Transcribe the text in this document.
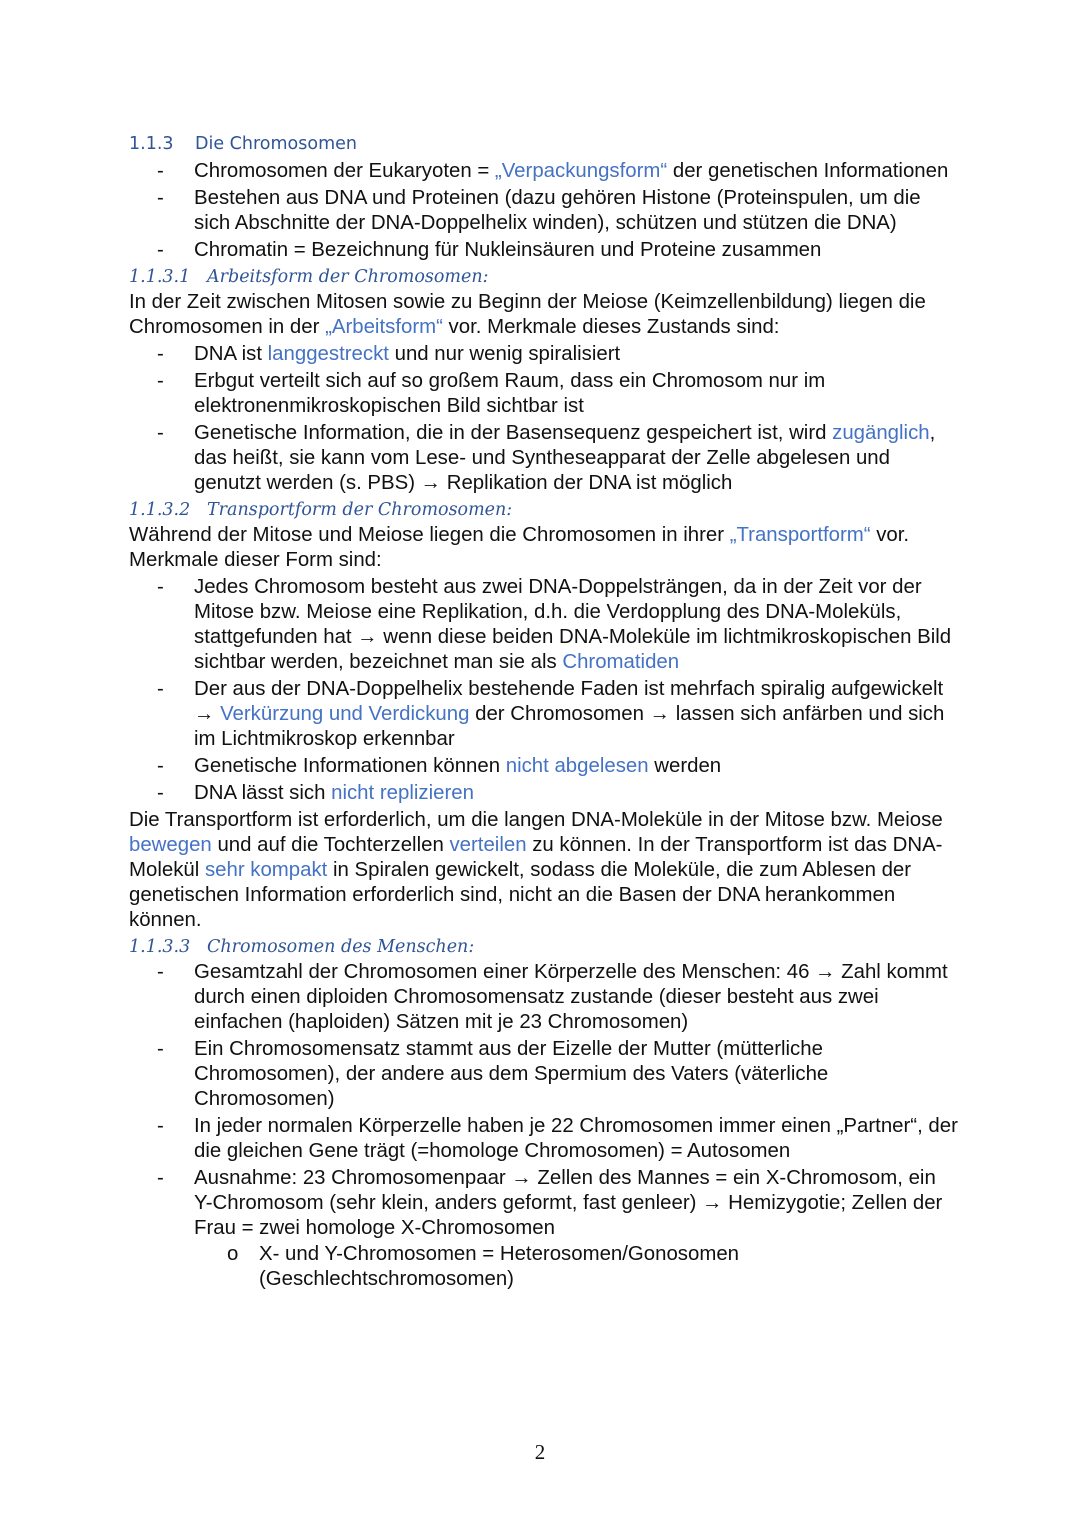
1.1.3 Die Chromosomen
- Chromosomen der Eukaryoten = „Verpackungsform“ der genetischen Informationen
- Bestehen aus DNA und Proteinen (dazu gehören Histone (Proteinspulen, um die sich Abschnitte der DNA-Doppelhelix winden), schützen und stützen die DNA)
- Chromatin = Bezeichnung für Nukleinsäuren und Proteine zusammen
1.1.3.1 Arbeitsform der Chromosomen:
In der Zeit zwischen Mitosen sowie zu Beginn der Meiose (Keimzellenbildung) liegen die Chromosomen in der „Arbeitsform“ vor. Merkmale dieses Zustands sind:
- DNA ist langgestreckt und nur wenig spiralisiert
- Erbgut verteilt sich auf so großem Raum, dass ein Chromosom nur im elektronenmikroskopischen Bild sichtbar ist
- Genetische Information, die in der Basensequenz gespeichert ist, wird zugänglich, das heißt, sie kann vom Lese- und Syntheseapparat der Zelle abgelesen und genutzt werden (s. PBS) → Replikation der DNA ist möglich
1.1.3.2 Transportform der Chromosomen:
Während der Mitose und Meiose liegen die Chromosomen in ihrer „Transportform“ vor. Merkmale dieser Form sind:
- Jedes Chromosom besteht aus zwei DNA-Doppelsträngen, da in der Zeit vor der Mitose bzw. Meiose eine Replikation, d.h. die Verdopplung des DNA-Moleküls, stattgefunden hat → wenn diese beiden DNA-Moleküle im lichtmikroskopischen Bild sichtbar werden, bezeichnet man sie als Chromatiden
- Der aus der DNA-Doppelhelix bestehende Faden ist mehrfach spiralig aufgewickelt → Verkürzung und Verdickung der Chromosomen → lassen sich anfärben und sich im Lichtmikroskop erkennbar
- Genetische Informationen können nicht abgelesen werden
- DNA lässt sich nicht replizieren
Die Transportform ist erforderlich, um die langen DNA-Moleküle in der Mitose bzw. Meiose bewegen und auf die Tochterzellen verteilen zu können. In der Transportform ist das DNA-Molekül sehr kompakt in Spiralen gewickelt, sodass die Moleküle, die zum Ablesen der genetischen Information erforderlich sind, nicht an die Basen der DNA herankommen können.
1.1.3.3 Chromosomen des Menschen:
- Gesamtzahl der Chromosomen einer Körperzelle des Menschen: 46 → Zahl kommt durch einen diploiden Chromosomensatz zustande (dieser besteht aus zwei einfachen (haploiden) Sätzen mit je 23 Chromosomen)
- Ein Chromosomensatz stammt aus der Eizelle der Mutter (mütterliche Chromosomen), der andere aus dem Spermium des Vaters (väterliche Chromosomen)
- In jeder normalen Körperzelle haben je 22 Chromosomen immer einen „Partner“, der die gleichen Gene trägt (=homologe Chromosomen) = Autosomen
- Ausnahme: 23 Chromosomenpaar → Zellen des Mannes = ein X-Chromosom, ein Y-Chromosom (sehr klein, anders geformt, fast genleer) → Hemizygotie; Zellen der Frau = zwei homologe X-Chromosomen
o X- und Y-Chromosomen = Heterosomen/Gonosomen (Geschlechtschromosomen)
2
